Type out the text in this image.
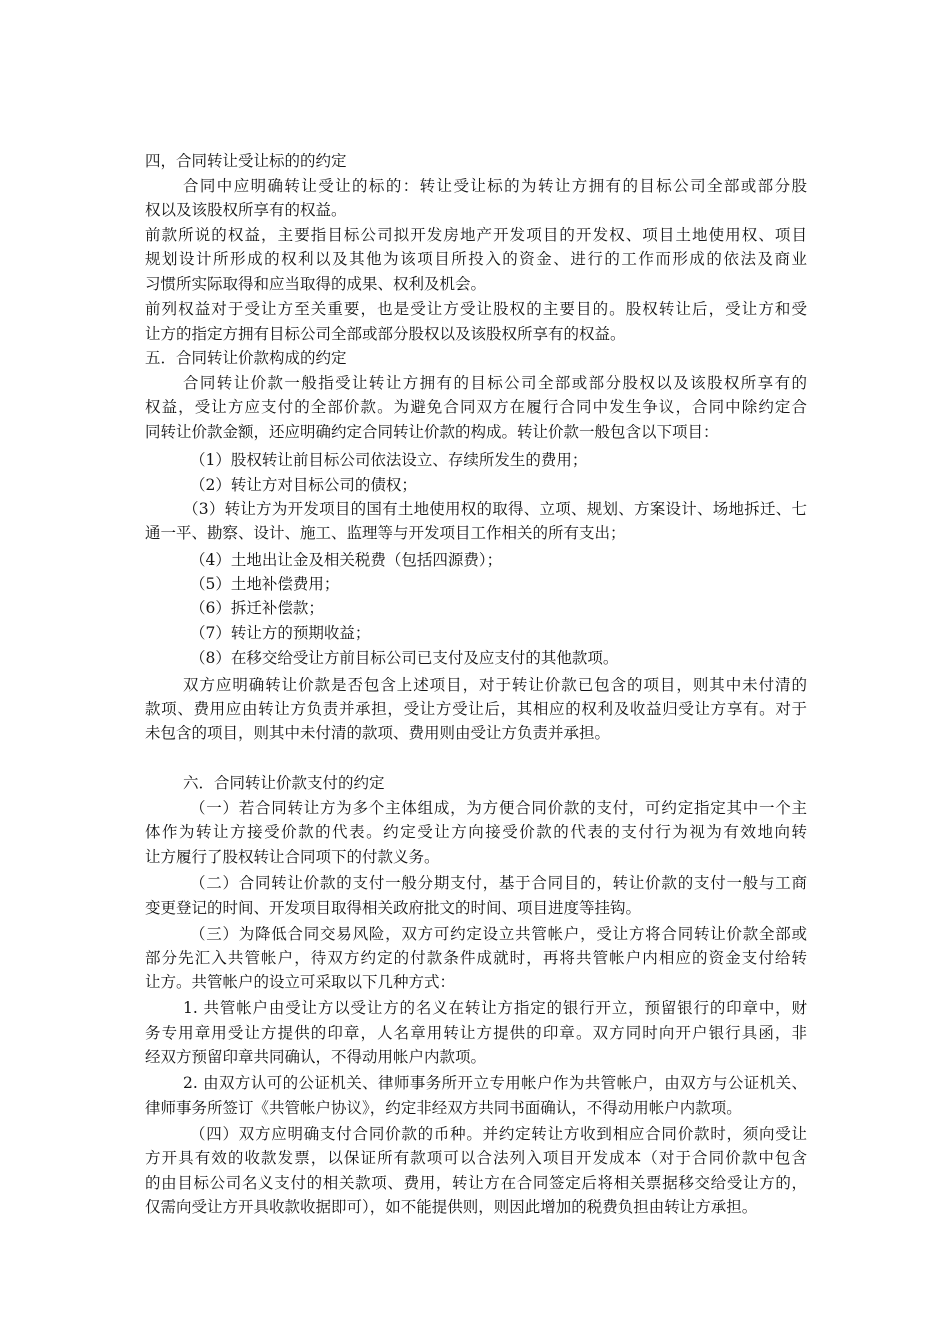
四，合同转让受让标的的约定

合同中应明确转让受让的标的：转让受让标的为转让方拥有的目标公司全部或部分股

权以及该股权所享有的权益。

前款所说的权益，主要指目标公司拟开发房地产开发项目的开发权、项目土地使用权、项目

规划设计所形成的权利以及其他为该项目所投入的资金、进行的工作而形成的依法及商业

习惯所实际取得和应当取得的成果、权利及机会。

前列权益对于受让方至关重要，也是受让方受让股权的主要目的。股权转让后，受让方和受

让方的指定方拥有目标公司全部或部分股权以及该股权所享有的权益。

五．合同转让价款构成的约定

合同转让价款一般指受让转让方拥有的目标公司全部或部分股权以及该股权所享有的

权益，受让方应支付的全部价款。为避免合同双方在履行合同中发生争议，合同中除约定合

同转让价款金额，还应明确约定合同转让价款的构成。转让价款一般包含以下项目：

（1）股权转让前目标公司依法设立、存续所发生的费用；

（2）转让方对目标公司的债权；

（3）转让方为开发项目的国有土地使用权的取得、立项、规划、方案设计、场地拆迁、七

通一平、勘察、设计、施工、监理等与开发项目工作相关的所有支出；

（4）土地出让金及相关税费（包括四源费）；

（5）土地补偿费用；

（6）拆迁补偿款；

（7）转让方的预期收益；

（8）在移交给受让方前目标公司已支付及应支付的其他款项。

双方应明确转让价款是否包含上述项目，对于转让价款已包含的项目，则其中未付清的

款项、费用应由转让方负责并承担，受让方受让后，其相应的权利及收益归受让方享有。对于

未包含的项目，则其中未付清的款项、费用则由受让方负责并承担。

六．合同转让价款支付的约定

（一）若合同转让方为多个主体组成，为方便合同价款的支付，可约定指定其中一个主

体作为转让方接受价款的代表。约定受让方向接受价款的代表的支付行为视为有效地向转

让方履行了股权转让合同项下的付款义务。

（二）合同转让价款的支付一般分期支付，基于合同目的，转让价款的支付一般与工商

变更登记的时间、开发项目取得相关政府批文的时间、项目进度等挂钩。

（三）为降低合同交易风险，双方可约定设立共管帐户，受让方将合同转让价款全部或

部分先汇入共管帐户，待双方约定的付款条件成就时，再将共管帐户内相应的资金支付给转

让方。共管帐户的设立可采取以下几种方式：

1. 共管帐户由受让方以受让方的名义在转让方指定的银行开立，预留银行的印章中，财

务专用章用受让方提供的印章，人名章用转让方提供的印章。双方同时向开户银行具函，非

经双方预留印章共同确认，不得动用帐户内款项。

2. 由双方认可的公证机关、律师事务所开立专用帐户作为共管帐户，由双方与公证机关、

律师事务所签订《共管帐户协议》，约定非经双方共同书面确认，不得动用帐户内款项。

（四）双方应明确支付合同价款的币种。并约定转让方收到相应合同价款时，须向受让

方开具有效的收款发票，以保证所有款项可以合法列入项目开发成本（对于合同价款中包含

的由目标公司名义支付的相关款项、费用，转让方在合同签定后将相关票据移交给受让方的，

仅需向受让方开具收款收据即可），如不能提供则，则因此增加的税费负担由转让方承担。
